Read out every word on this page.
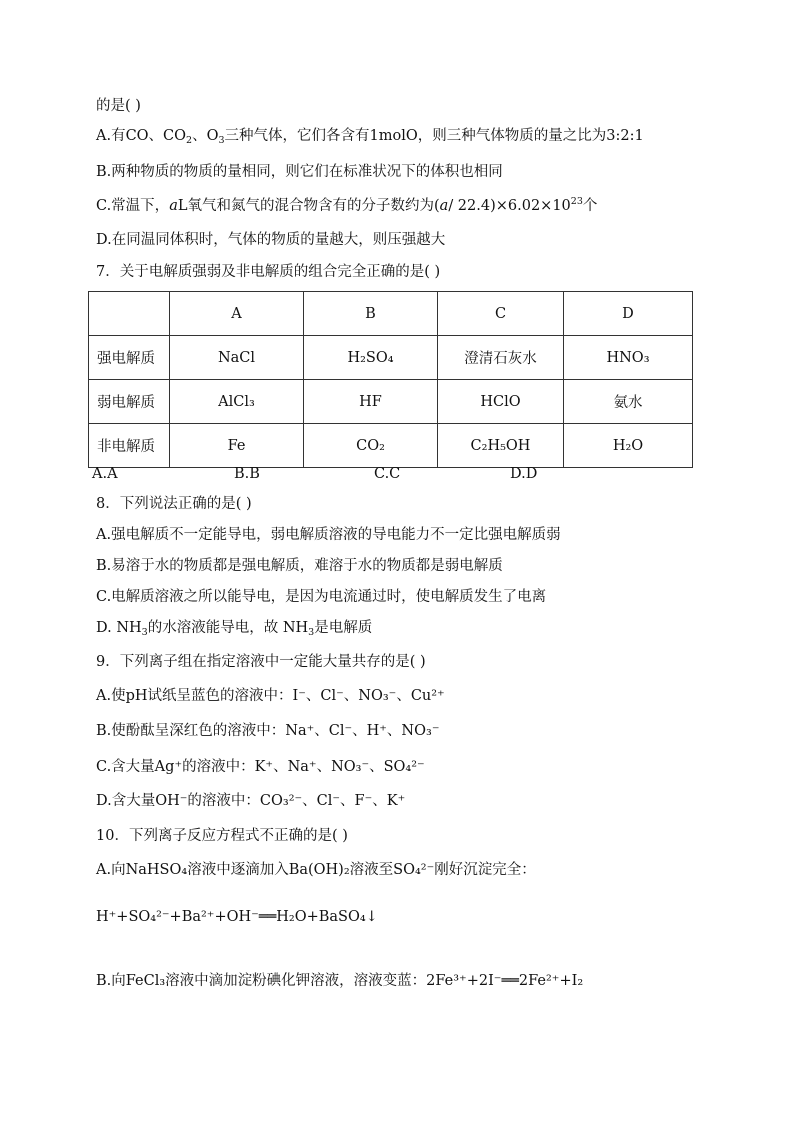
的是( )
A.有CO、$CO_2$、$O_3$三种气体，它们各含有1molO，则三种气体物质的量之比为3:2:1
B.两种物质的物质的量相同，则它们在标准状况下的体积也相同
C.常温下，aL氧气和氮气的混合物含有的分子数约为(a/ $22.4)\times 6.02\times 10^{23}$个
D.在同温同体积时，气体的物质的量越大，则压强越大
7．关于电解质强弱及非电解质的组合完全正确的是( )
	A	B	C	D
强电解质	NaCl	H₂SO₄	澄清石灰水	HNO₃
弱电解质	AlCl₃	HF	HClO	氨水
非电解质	Fe	CO₂	C₂H₅OH	H₂O
A.A	B.B	C.C	D.D
8．下列说法正确的是( )
A.强电解质不一定能导电，弱电解质溶液的导电能力不一定比强电解质弱
B.易溶于水的物质都是强电解质，难溶于水的物质都是弱电解质
C.电解质溶液之所以能导电，是因为电流通过时，使电解质发生了电离
D. $NH_3$的水溶液能导电，故 $NH_3$是电解质
9．下列离子组在指定溶液中一定能大量共存的是( )
A.使pH试纸呈蓝色的溶液中：I⁻、Cl⁻、NO₃⁻、Cu²⁺
B.使酚酞呈深红色的溶液中：Na⁺、Cl⁻、H⁺、NO₃⁻
C.含大量Ag⁺的溶液中：K⁺、Na⁺、NO₃⁻、SO₄²⁻
D.含大量OH⁻的溶液中：CO₃²⁻、Cl⁻、F⁻、K⁺
10．下列离子反应方程式不正确的是( )
A.向NaHSO₄溶液中逐滴加入Ba(OH)₂溶液至SO₄²⁻刚好沉淀完全：
H⁺+SO₄²⁻+Ba²⁺+OH⁻══H₂O+BaSO₄↓
B.向FeCl₃溶液中滴加淀粉碘化钾溶液，溶液变蓝：2Fe³⁺+2I⁻══2Fe²⁺+I₂
